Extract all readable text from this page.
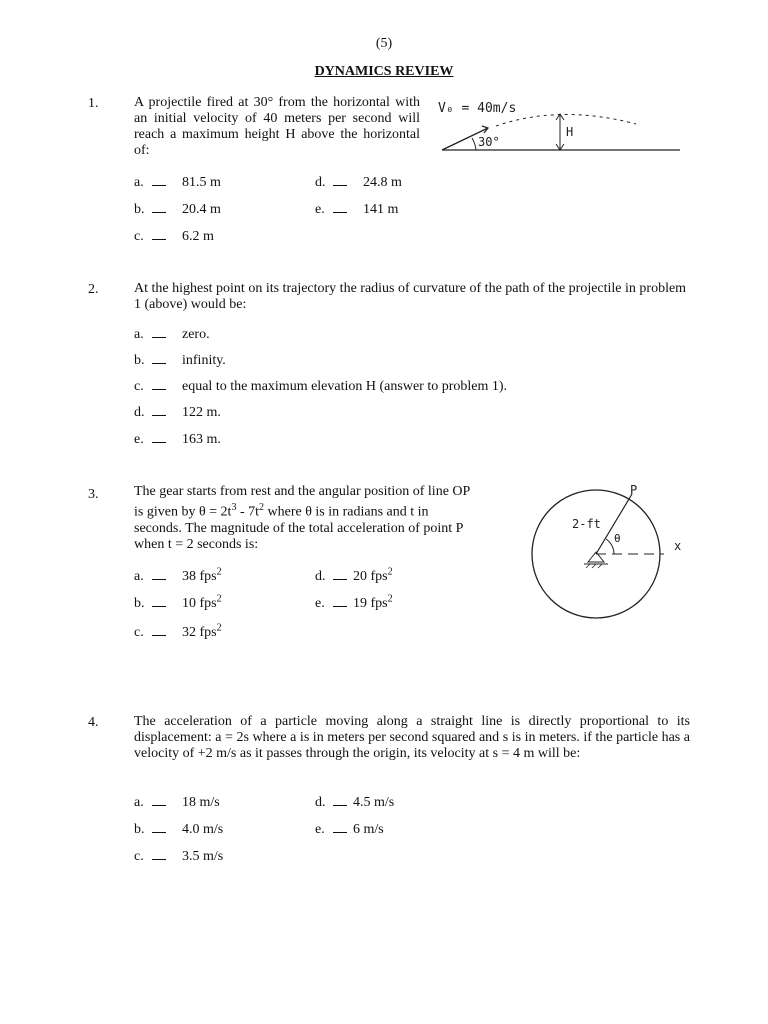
(5)
DYNAMICS REVIEW
1.	A projectile fired at 30° from the horizontal with an initial velocity of 40 meters per second will reach a maximum height H above the horizontal of:
V₀ = 40m/s
30°
H
a.	81.5 m
b.	20.4 m
c.	6.2 m
d.	24.8 m
e.	141 m
2.	At the highest point on its trajectory the radius of curvature of the path of the projectile in problem 1 (above) would be:
a.	zero.
b.	infinity.
c.	equal to the maximum elevation H (answer to problem 1).
d.	122 m.
e.	163 m.
3.	The gear starts from rest and the angular position of line OP
is given by $\theta = 2t^3 - 7t^2$ where θ is in radians and t in
seconds. The magnitude of the total acceleration of point P
when t = 2 seconds is:
P
2-ft
θ
x
a.	38 fps$^2$
b.	10 fps$^2$
c.	32 fps$^2$
d. 20 fps$^2$
e. 19 fps$^2$
4.	The acceleration of a particle moving along a straight line is directly proportional to its displacement: a = 2s where a is in meters per second squared and s is in meters. if the particle has a velocity of +2 m/s as it passes through the origin, its velocity at s = 4 m will be:
a.	18 m/s
b.	4.0 m/s
c.	3.5 m/s
d. 4.5 m/s
e. 6 m/s
